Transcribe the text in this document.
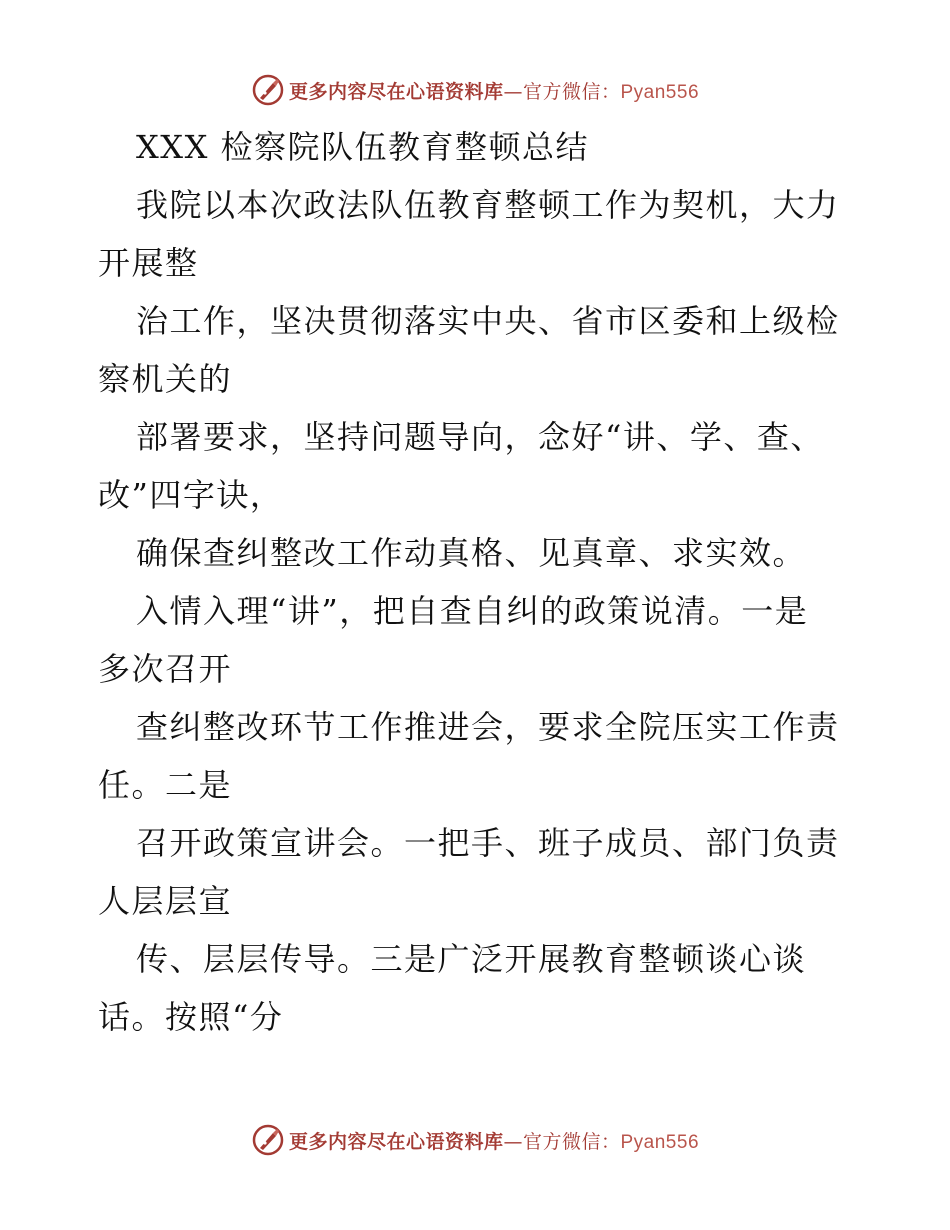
更多内容尽在心语资料库—官方微信：Pyan556
XXX 检察院队伍教育整顿总结
我院以本次政法队伍教育整顿工作为契机，大力
开展整
治工作，坚决贯彻落实中央、省市区委和上级检
察机关的
部署要求，坚持问题导向，念好“讲、学、查、
改”四字诀，
确保查纠整改工作动真格、见真章、求实效。
入情入理“讲”，把自查自纠的政策说清。一是
多次召开
查纠整改环节工作推进会，要求全院压实工作责
任。二是
召开政策宣讲会。一把手、班子成员、部门负责
人层层宣
传、层层传导。三是广泛开展教育整顿谈心谈
话。按照“分
更多内容尽在心语资料库—官方微信：Pyan556
